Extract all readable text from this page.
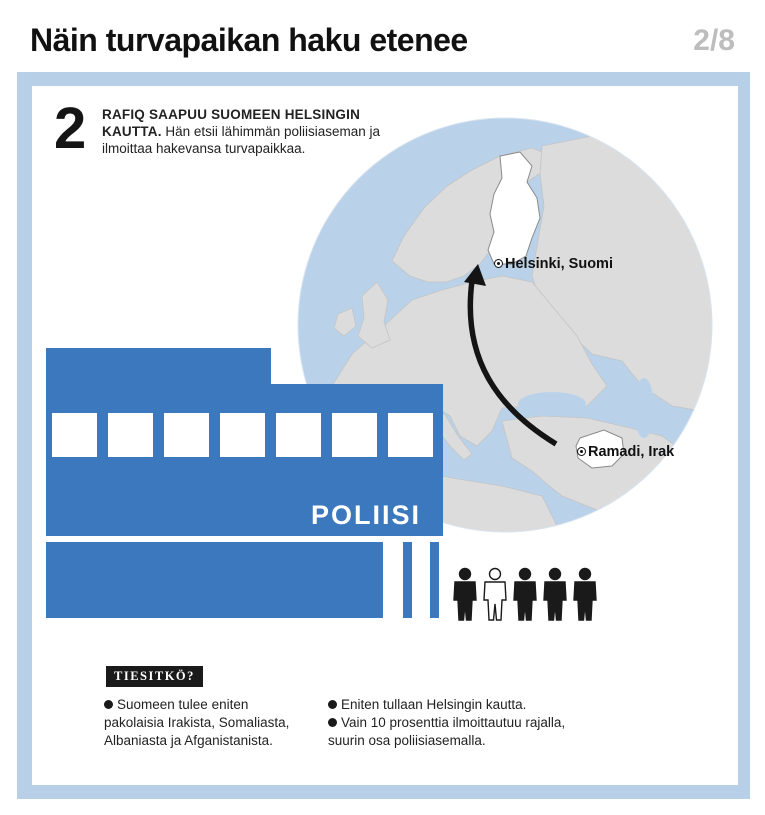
Näin turvapaikan haku etenee	2/8
2 RAFIQ SAAPUU SUOMEEN HELSINGIN KAUTTA. Hän etsii lähimmän poliisiaseman ja ilmoittaa hakevansa turvapaikkaa.
Helsinki, Suomi
Ramadi, Irak
POLIISI
TIESITKÖ?
Suomeen tulee eniten pakolaisia Irakista, Somaliasta, Albaniasta ja Afganistanista.
Eniten tullaan Helsingin kautta.
Vain 10 prosenttia ilmoittautuu rajalla, suurin osa poliisiasemalla.
